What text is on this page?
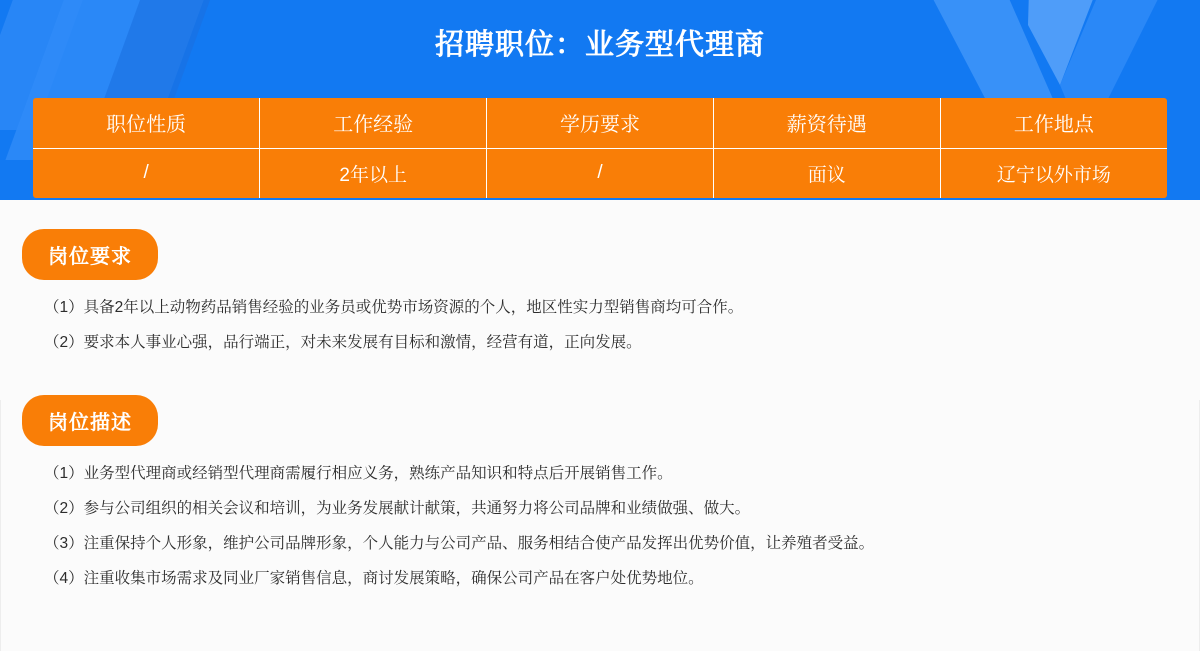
招聘职位：业务型代理商
职位性质	工作经验	学历要求	薪资待遇	工作地点
/	2年以上	/	面议	辽宁以外市场
岗位要求
（1）具备2年以上动物药品销售经验的业务员或优势市场资源的个人，地区性实力型销售商均可合作。
（2）要求本人事业心强，品行端正，对未来发展有目标和激情，经营有道，正向发展。
岗位描述
（1）业务型代理商或经销型代理商需履行相应义务，熟练产品知识和特点后开展销售工作。
（2）参与公司组织的相关会议和培训，为业务发展献计献策，共通努力将公司品牌和业绩做强、做大。
（3）注重保持个人形象，维护公司品牌形象，个人能力与公司产品、服务相结合使产品发挥出优势价值，让养殖者受益。
（4）注重收集市场需求及同业厂家销售信息，商讨发展策略，确保公司产品在客户处优势地位。
